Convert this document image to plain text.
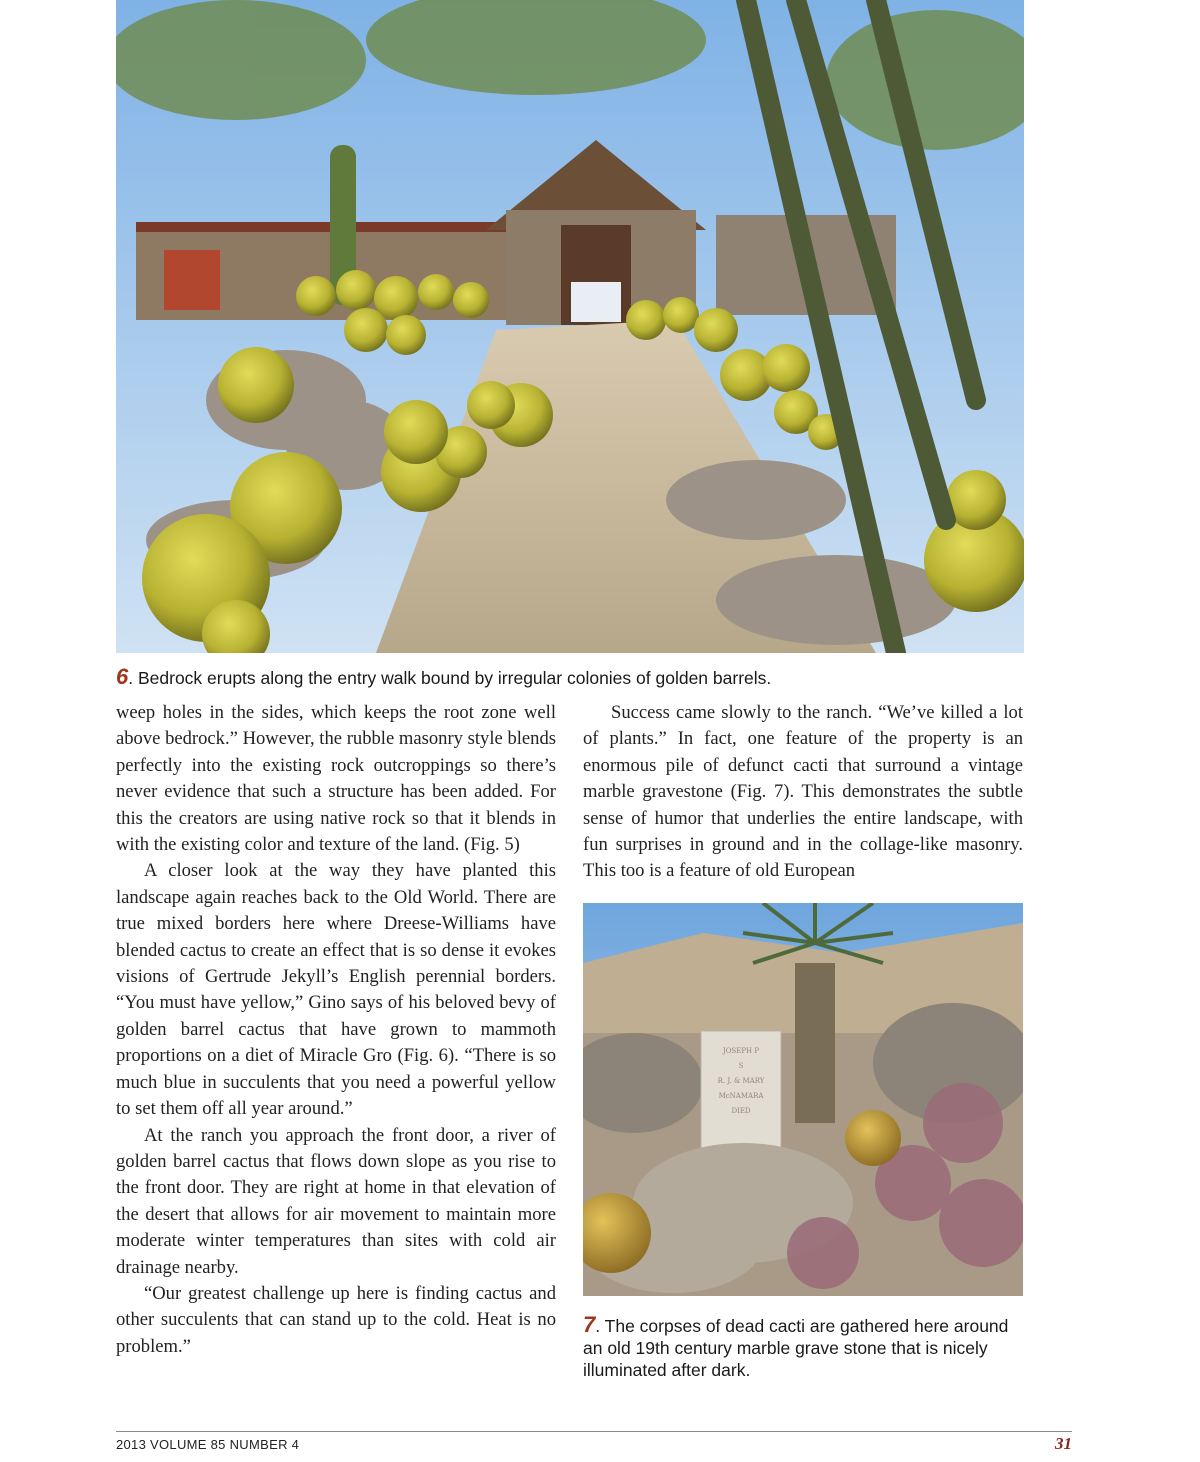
6. Bedrock erupts along the entry walk bound by irregular colonies of golden barrels.

weep holes in the sides, which keeps the root zone well above bedrock.” However, the rubble masonry style blends perfectly into the existing rock outcroppings so there’s never evidence that such a structure has been added. For this the creators are using native rock so that it blends in with the existing color and texture of the land. (Fig. 5)

A closer look at the way they have planted this landscape again reaches back to the Old World. There are true mixed borders here where Dreese-Williams have blended cactus to create an effect that is so dense it evokes visions of Gertrude Jekyll’s English perennial borders. “You must have yellow,” Gino says of his beloved bevy of golden barrel cactus that have grown to mammoth proportions on a diet of Miracle Gro (Fig. 6). “There is so much blue in succulents that you need a powerful yellow to set them off all year around.”

At the ranch you approach the front door, a river of golden barrel cactus that flows down slope as you rise to the front door. They are right at home in that elevation of the desert that allows for air movement to maintain more moderate winter temperatures than sites with cold air drainage nearby.

“Our greatest challenge up here is finding cactus and other succulents that can stand up to the cold. Heat is no problem.”

Success came slowly to the ranch. “We’ve killed a lot of plants.” In fact, one feature of the property is an enormous pile of defunct cacti that surround a vintage marble gravestone (Fig. 7). This demonstrates the subtle sense of humor that underlies the entire landscape, with fun surprises in ground and in the collage-like masonry. This too is a feature of old European

JOSEPH P
S
R. J. & MARY
McNAMARA
DIED
7. The corpses of dead cacti are gathered here around an old 19th century marble grave stone that is nicely illuminated after dark.
2013 VOLUME 85 NUMBER 4	31
